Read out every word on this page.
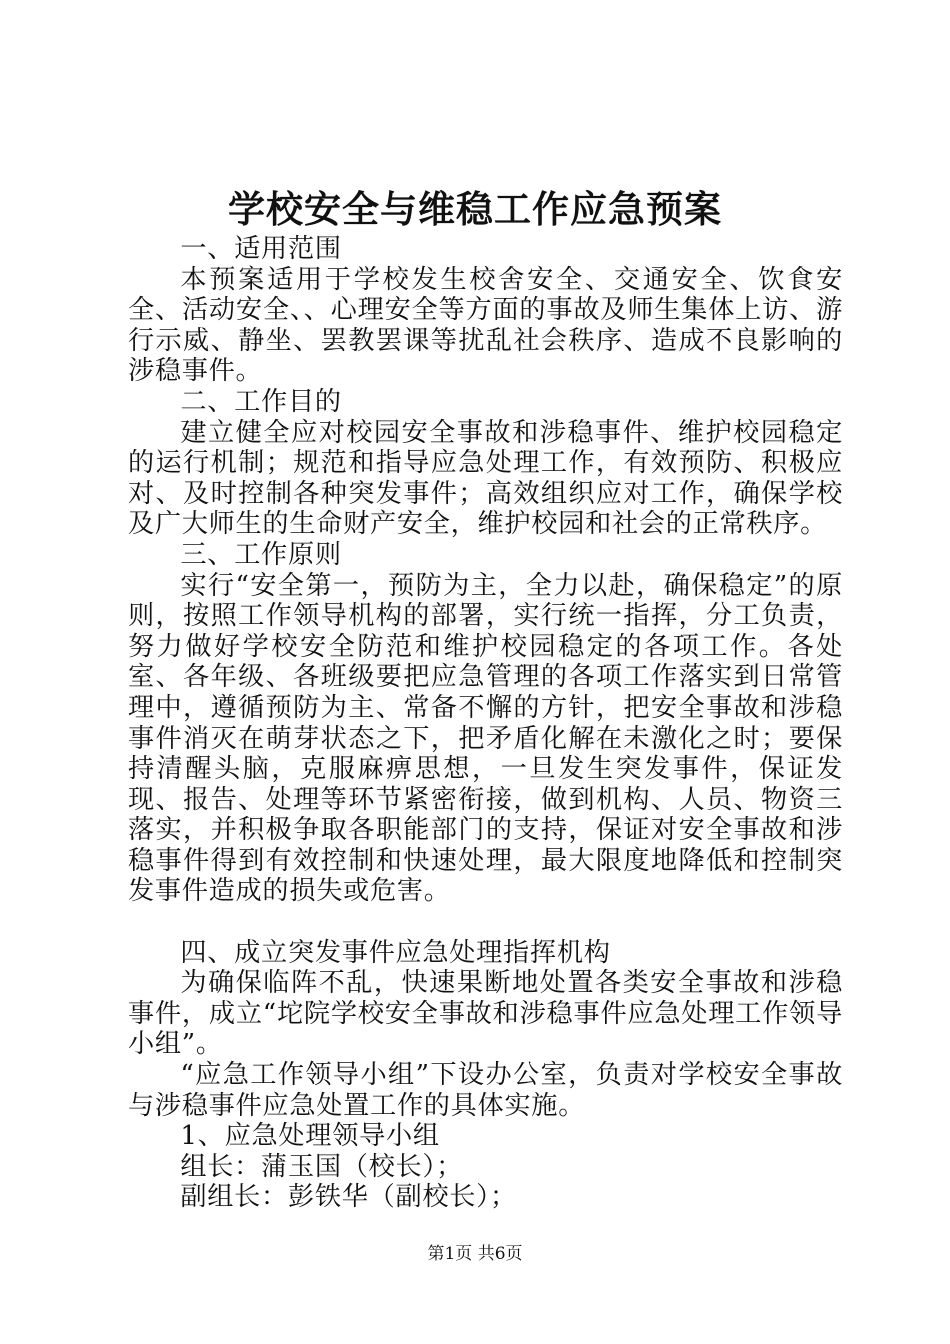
学校安全与维稳工作应急预案

一、适用范围

本预案适用于学校发生校舍安全、交通安全、饮食安全、活动安全、、心理安全等方面的事故及师生集体上访、游行示威、静坐、罢教罢课等扰乱社会秩序、造成不良影响的涉稳事件。

二、工作目的

建立健全应对校园安全事故和涉稳事件、维护校园稳定的运行机制；规范和指导应急处理工作，有效预防、积极应对、及时控制各种突发事件；高效组织应对工作，确保学校及广大师生的生命财产安全，维护校园和社会的正常秩序。

三、工作原则

实行“安全第一，预防为主，全力以赴，确保稳定”的原则，按照工作领导机构的部署，实行统一指挥，分工负责，努力做好学校安全防范和维护校园稳定的各项工作。各处室、各年级、各班级要把应急管理的各项工作落实到日常管理中，遵循预防为主、常备不懈的方针，把安全事故和涉稳事件消灭在萌芽状态之下，把矛盾化解在未激化之时；要保持清醒头脑，克服麻痹思想，一旦发生突发事件，保证发现、报告、处理等环节紧密衔接，做到机构、人员、物资三落实，并积极争取各职能部门的支持，保证对安全事故和涉稳事件得到有效控制和快速处理，最大限度地降低和控制突发事件造成的损失或危害。

四、成立突发事件应急处理指挥机构

为确保临阵不乱，快速果断地处置各类安全事故和涉稳事件，成立“坨院学校安全事故和涉稳事件应急处理工作领导小组”。

“应急工作领导小组”下设办公室，负责对学校安全事故与涉稳事件应急处置工作的具体实施。

1、应急处理领导小组

组长：蒲玉国（校长）；

副组长：彭铁华（副校长）；

第1页 共6页
